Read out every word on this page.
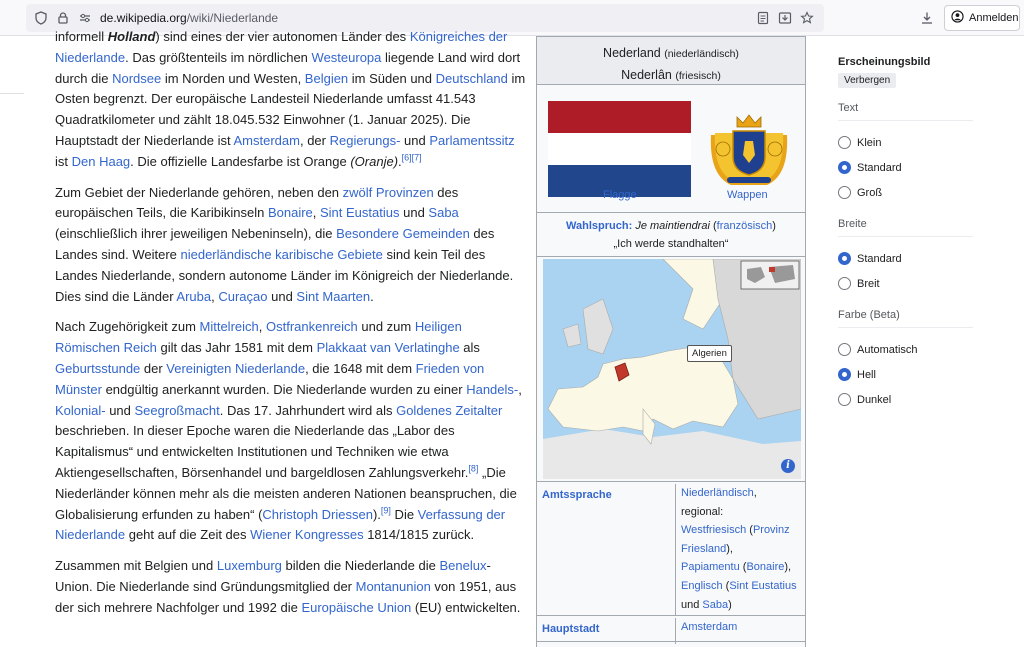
de.wikipedia.org/wiki/Niederlande	Anmelden

informell Holland) sind eines der vier autonomen Länder des Königreiches der Niederlande. Das größtenteils im nördlichen Westeuropa liegende Land wird dort durch die Nordsee im Norden und Westen, Belgien im Süden und Deutschland im Osten begrenzt. Der europäische Landesteil Niederlande umfasst 41.543 Quadratkilometer und zählt 18.045.532 Einwohner (1. Januar 2025). Die Hauptstadt der Niederlande ist Amsterdam, der Regierungs- und Parlamentssitz ist Den Haag. Die offizielle Landesfarbe ist Orange (Oranje).[6][7]

Zum Gebiet der Niederlande gehören, neben den zwölf Provinzen des europäischen Teils, die Karibikinseln Bonaire, Sint Eustatius und Saba (einschließlich ihrer jeweiligen Nebeninseln), die Besondere Gemeinden des Landes sind. Weitere niederländische karibische Gebiete sind kein Teil des Landes Niederlande, sondern autonome Länder im Königreich der Niederlande. Dies sind die Länder Aruba, Curaçao und Sint Maarten.

Nach Zugehörigkeit zum Mittelreich, Ostfrankenreich und zum Heiligen Römischen Reich gilt das Jahr 1581 mit dem Plakkaat van Verlatinghe als Geburtsstunde der Vereinigten Niederlande, die 1648 mit dem Frieden von Münster endgültig anerkannt wurden. Die Niederlande wurden zu einer Handels-, Kolonial- und Seegroßmacht. Das 17. Jahrhundert wird als Goldenes Zeitalter beschrieben. In dieser Epoche waren die Niederlande das „Labor des Kapitalismus“ und entwickelten Institutionen und Techniken wie etwa Aktiengesellschaften, Börsenhandel und bargeldlosen Zahlungsverkehr.[8] „Die Niederländer können mehr als die meisten anderen Nationen beanspruchen, die Globalisierung erfunden zu haben“ (Christoph Driessen).[9] Die Verfassung der Niederlande geht auf die Zeit des Wiener Kongresses 1814/1815 zurück.

Zusammen mit Belgien und Luxemburg bilden die Niederlande die Benelux-Union. Die Niederlande sind Gründungsmitglied der Montanunion von 1951, aus der sich mehrere Nachfolger und 1992 die Europäische Union (EU) entwickelten.

Nederland (niederländisch)
Nederlân (friesisch)
Flagge	Wappen
Wahlspruch: Je maintiendrai (französisch)
„Ich werde standhalten“
Algerien
i
Amtssprache	Niederländisch,
regional:
Westfriesisch (Provinz Friesland),
Papiamentu (Bonaire),
Englisch (Sint Eustatius und Saba)
Hauptstadt	Amsterdam
Erscheinungsbild
Verbergen
Text
Klein
Standard
Groß
Breite
Standard
Breit
Farbe (Beta)
Automatisch
Hell
Dunkel
